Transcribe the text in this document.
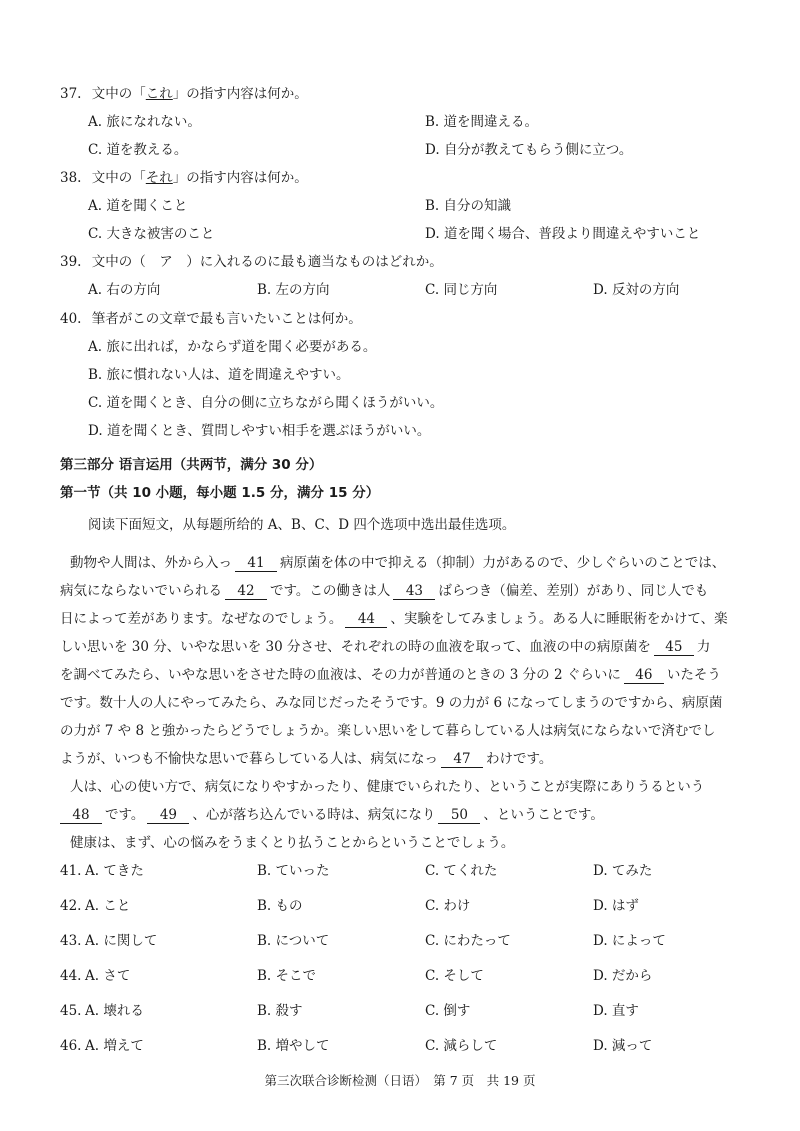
37. 文中の「これ」の指す内容は何か。
A. 旅になれない。	B. 道を間違える。
C. 道を教える。	D. 自分が教えてもらう側に立つ。
38. 文中の「それ」の指す内容は何か。
A. 道を聞くこと	B. 自分の知識
C. 大きな被害のこと	D. 道を聞く場合、普段より間違えやすいこと
39. 文中の（　ア　）に入れるのに最も適当なものはどれか。
A. 右の方向	B. 左の方向	C. 同じ方向	D. 反対の方向
40. 筆者がこの文章で最も言いたいことは何か。
A. 旅に出れば，かならず道を聞く必要がある。
B. 旅に慣れない人は、道を間違えやすい。
C. 道を聞くとき、自分の側に立ちながら聞くほうがいい。
D. 道を聞くとき、質問しやすい相手を選ぶほうがいい。
第三部分 语言运用（共两节，满分 30 分）
第一节（共 10 小题，每小题 1.5 分，满分 15 分）
阅读下面短文，从每题所给的 A、B、C、D 四个选项中选出最佳选项。
動物や人間は、外から入っ 41 病原菌を体の中で抑える（抑制）力があるので、少しぐらいのことでは、
病気にならないでいられる 42 です。この働きは人 43 ばらつき（偏差、差别）があり、同じ人でも
日によって差があります。なぜなのでしょう。 44 、実験をしてみましょう。ある人に睡眠術をかけて、楽
しい思いを 30 分、いやな思いを 30 分させ、それぞれの時の血液を取って、血液の中の病原菌を 45 力
を調べてみたら、いやな思いをさせた時の血液は、その力が普通のときの 3 分の 2 ぐらいに 46 いたそう
です。数十人の人にやってみたら、みな同じだったそうです。9 の力が 6 になってしまうのですから、病原菌
の力が 7 や 8 と強かったらどうでしょうか。楽しい思いをして暮らしている人は病気にならないで済むでし
ようが、いつも不愉快な思いで暮らしている人は、病気になっ 47 わけです。
人は、心の使い方で、病気になりやすかったり、健康でいられたり、ということが実際にありうるという
48 です。 49 、心が落ち込んでいる時は、病気になり 50 、ということです。
健康は、まず、心の悩みをうまくとり払うことからということでしょう。
41. A. てきた	B. ていった	C. てくれた	D. てみた
42. A. こと	B. もの	C. わけ	D. はず
43. A. に関して	B. について	C. にわたって	D. によって
44. A. さて	B. そこで	C. そして	D. だから
45. A. 壊れる	B. 殺す	C. 倒す	D. 直す
46. A. 増えて	B. 増やして	C. 減らして	D. 減って
第三次联合诊断检测（日语）　第 7 页　共 19 页
